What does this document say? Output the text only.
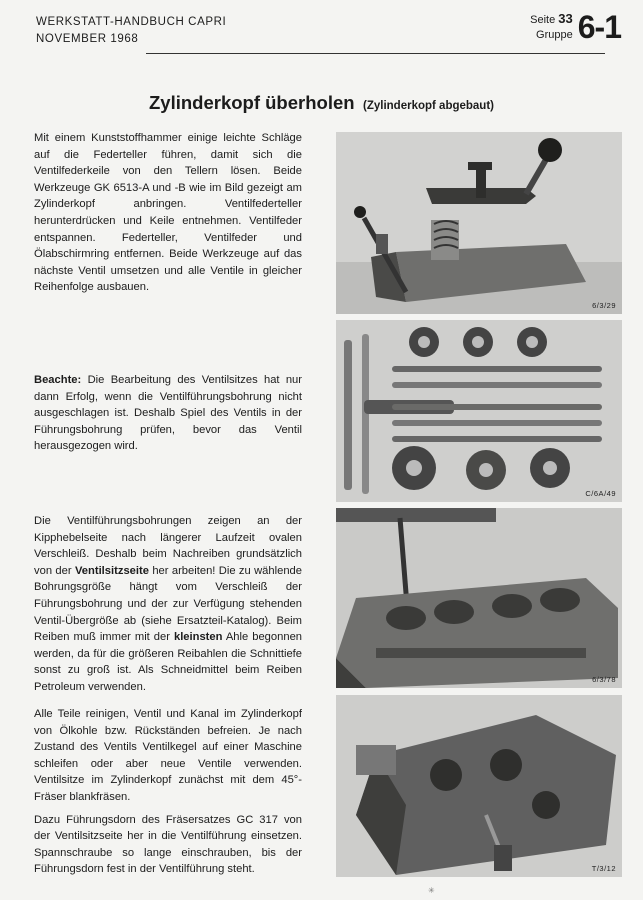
WERKSTATT-HANDBUCH CAPRI
NOVEMBER 1968
Seite 33
Gruppe 6-1
Zylinderkopf überholen (Zylinderkopf abgebaut)

Mit einem Kunststoffhammer einige leichte Schläge auf die Federteller führen, damit sich die Ventilfederkeile von den Tellern lösen. Beide Werkzeuge GK 6513-A und -B wie im Bild gezeigt am Zylinderkopf anbringen. Ventilfederteller herunterdrücken und Keile entnehmen. Ventilfeder entspannen. Federteller, Ventilfeder und Ölabschirmring entfernen. Beide Werkzeuge auf das nächste Ventil umsetzen und alle Ventile in gleicher Reihenfolge ausbauen.

6/3/29

Beachte: Die Bearbeitung des Ventilsitzes hat nur dann Erfolg, wenn die Ventilführungsbohrung nicht ausgeschlagen ist. Deshalb Spiel des Ventils in der Führungsbohrung prüfen, bevor das Ventil herausgezogen wird.

C/6A/49

Die Ventilführungsbohrungen zeigen an der Kipphebelseite nach längerer Laufzeit ovalen Verschleiß. Deshalb beim Nachreiben grundsätzlich von der Ventilsitzseite her arbeiten! Die zu wählende Bohrungsgröße hängt vom Verschleiß der Führungsbohrung und der zur Verfügung stehenden Ventil-Übergröße ab (siehe Ersatzteil-Katalog). Beim Reiben muß immer mit der kleinsten Ahle begonnen werden, da für die größeren Reibahlen die Schnittiefe sonst zu groß ist. Als Schneidmittel beim Reiben Petroleum verwenden.

6/3/78

Alle Teile reinigen, Ventil und Kanal im Zylinderkopf von Ölkohle bzw. Rückständen befreien. Je nach Zustand des Ventils Ventilkegel auf einer Maschine schleifen oder aber neue Ventile verwenden. Ventilsitze im Zylinderkopf zunächst mit dem 45°-Fräser blankfräsen.

Dazu Führungsdorn des Fräsersatzes GC 317 von der Ventilsitzseite her in die Ventilführung einsetzen. Spannschraube so lange einschrauben, bis der Führungsdorn fest in der Ventilführung steht.	T/3/12
✳
